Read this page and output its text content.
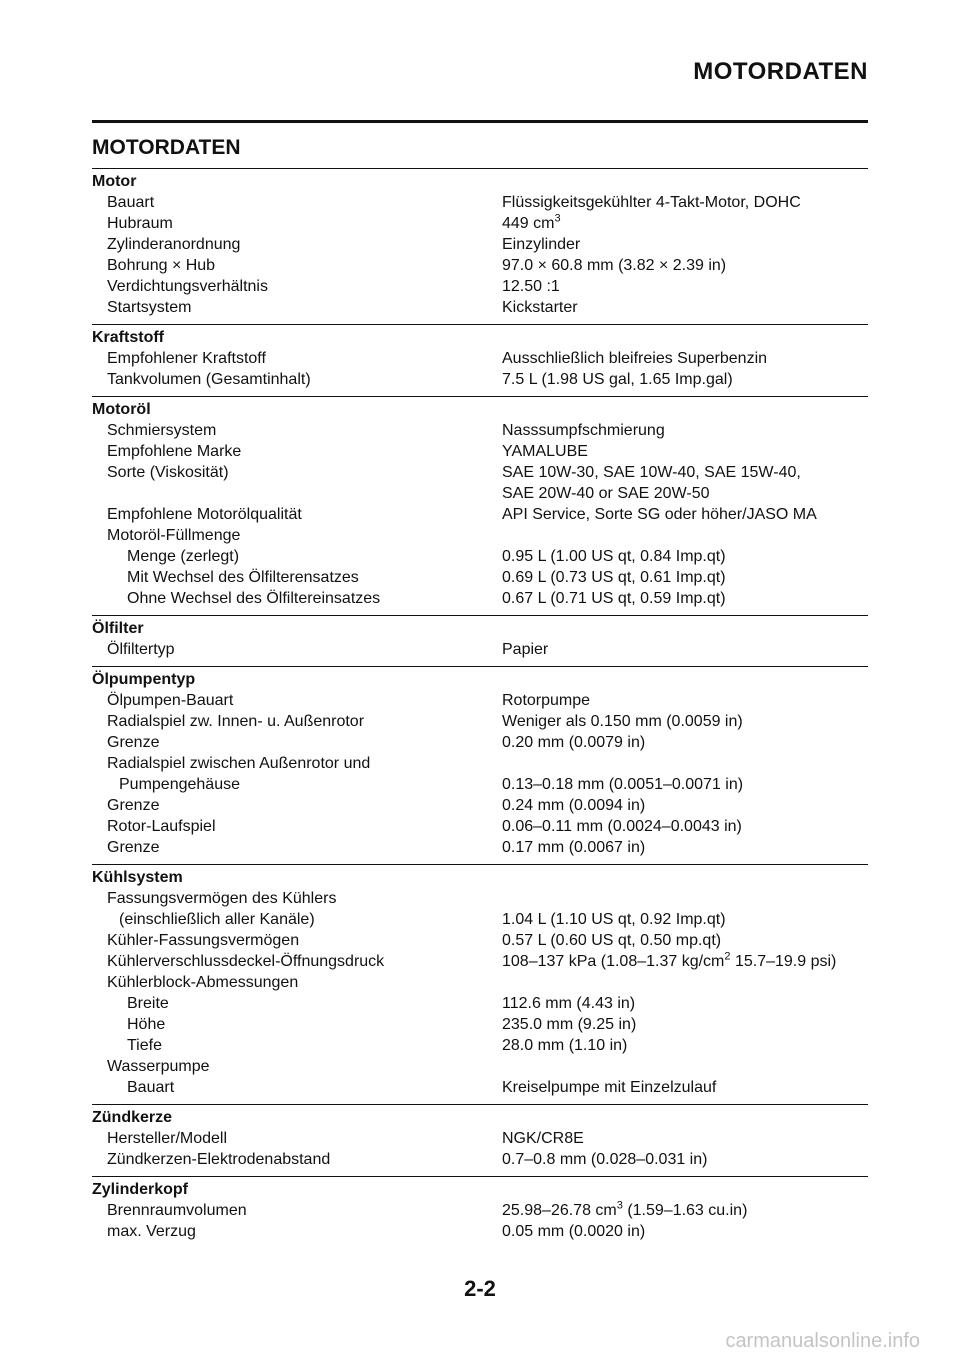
MOTORDATEN
MOTORDATEN
Motor
Bauart	Flüssigkeitsgekühlter 4-Takt-Motor, DOHC
Hubraum	449 $cm^3$
Zylinderanordnung	Einzylinder
Bohrung × Hub	97.0 × 60.8 mm (3.82 × 2.39 in)
Verdichtungsverhältnis	12.50 :1
Startsystem	Kickstarter
Kraftstoff
Empfohlener Kraftstoff	Ausschließlich bleifreies Superbenzin
Tankvolumen (Gesamtinhalt)	7.5 L (1.98 US gal, 1.65 Imp.gal)
Motoröl
Schmiersystem	Nasssumpfschmierung
Empfohlene Marke	YAMALUBE
Sorte (Viskosität)	SAE 10W-30, SAE 10W-40, SAE 15W-40,
SAE 20W-40 or SAE 20W-50
Empfohlene Motorölqualität	API Service, Sorte SG oder höher/JASO MA
Motoröl-Füllmenge
Menge (zerlegt)	0.95 L (1.00 US qt, 0.84 Imp.qt)
Mit Wechsel des Ölfilterensatzes	0.69 L (0.73 US qt, 0.61 Imp.qt)
Ohne Wechsel des Ölfiltereinsatzes	0.67 L (0.71 US qt, 0.59 Imp.qt)
Ölfilter
Ölfiltertyp	Papier
Ölpumpentyp
Ölpumpen-Bauart	Rotorpumpe
Radialspiel zw. Innen- u. Außenrotor	Weniger als 0.150 mm (0.0059 in)
Grenze	0.20 mm (0.0079 in)
Radialspiel zwischen Außenrotor und
Pumpengehäuse	0.13–0.18 mm (0.0051–0.0071 in)
Grenze	0.24 mm (0.0094 in)
Rotor-Laufspiel	0.06–0.11 mm (0.0024–0.0043 in)
Grenze	0.17 mm (0.0067 in)
Kühlsystem
Fassungsvermögen des Kühlers
(einschließlich aller Kanäle)	1.04 L (1.10 US qt, 0.92 Imp.qt)
Kühler-Fassungsvermögen	0.57 L (0.60 US qt, 0.50 mp.qt)
Kühlerverschlussdeckel-Öffnungsdruck	108–137 kPa (1.08–1.37 $kg/cm^2$ 15.7–19.9 psi)
Kühlerblock-Abmessungen
Breite	112.6 mm (4.43 in)
Höhe	235.0 mm (9.25 in)
Tiefe	28.0 mm (1.10 in)
Wasserpumpe
Bauart	Kreiselpumpe mit Einzelzulauf
Zündkerze
Hersteller/Modell	NGK/CR8E
Zündkerzen-Elektrodenabstand	0.7–0.8 mm (0.028–0.031 in)
Zylinderkopf
Brennraumvolumen	25.98–26.78 $cm^3$ (1.59–1.63 cu.in)
max. Verzug	0.05 mm (0.0020 in)
2-2
carmanualsonline.info
